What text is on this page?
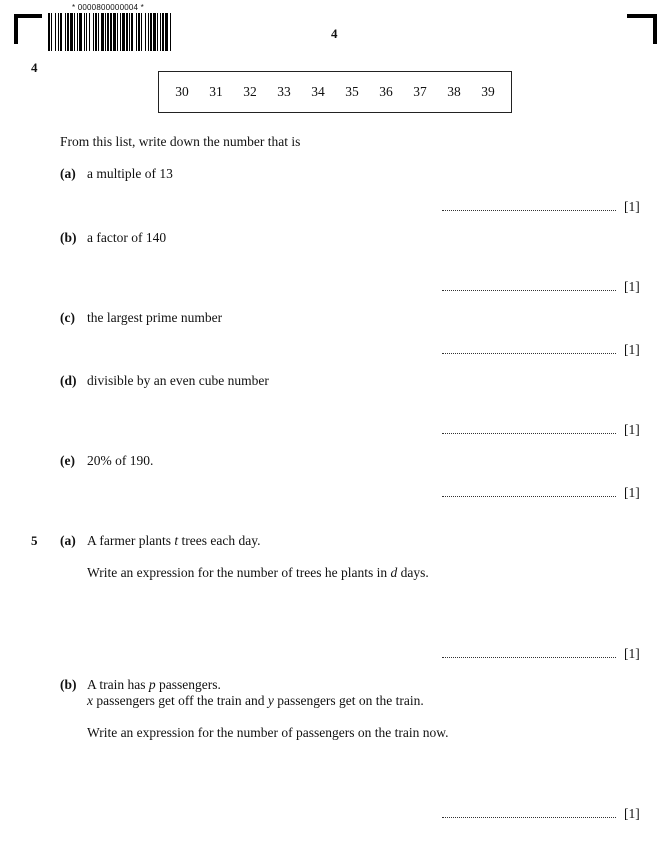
* 0000800000004 *
4
4
30 31 32 33 34 35 36 37 38 39
From this list, write down the number that is
(a) a multiple of 13
[1]
(b) a factor of 140
[1]
(c) the largest prime number
[1]
(d) divisible by an even cube number
[1]
(e) 20% of 190.
[1]
5 (a) A farmer plants t trees each day.
Write an expression for the number of trees he plants in d days.
[1]
(b) A train has p passengers.
x passengers get off the train and y passengers get on the train.
Write an expression for the number of passengers on the train now.
[1]
